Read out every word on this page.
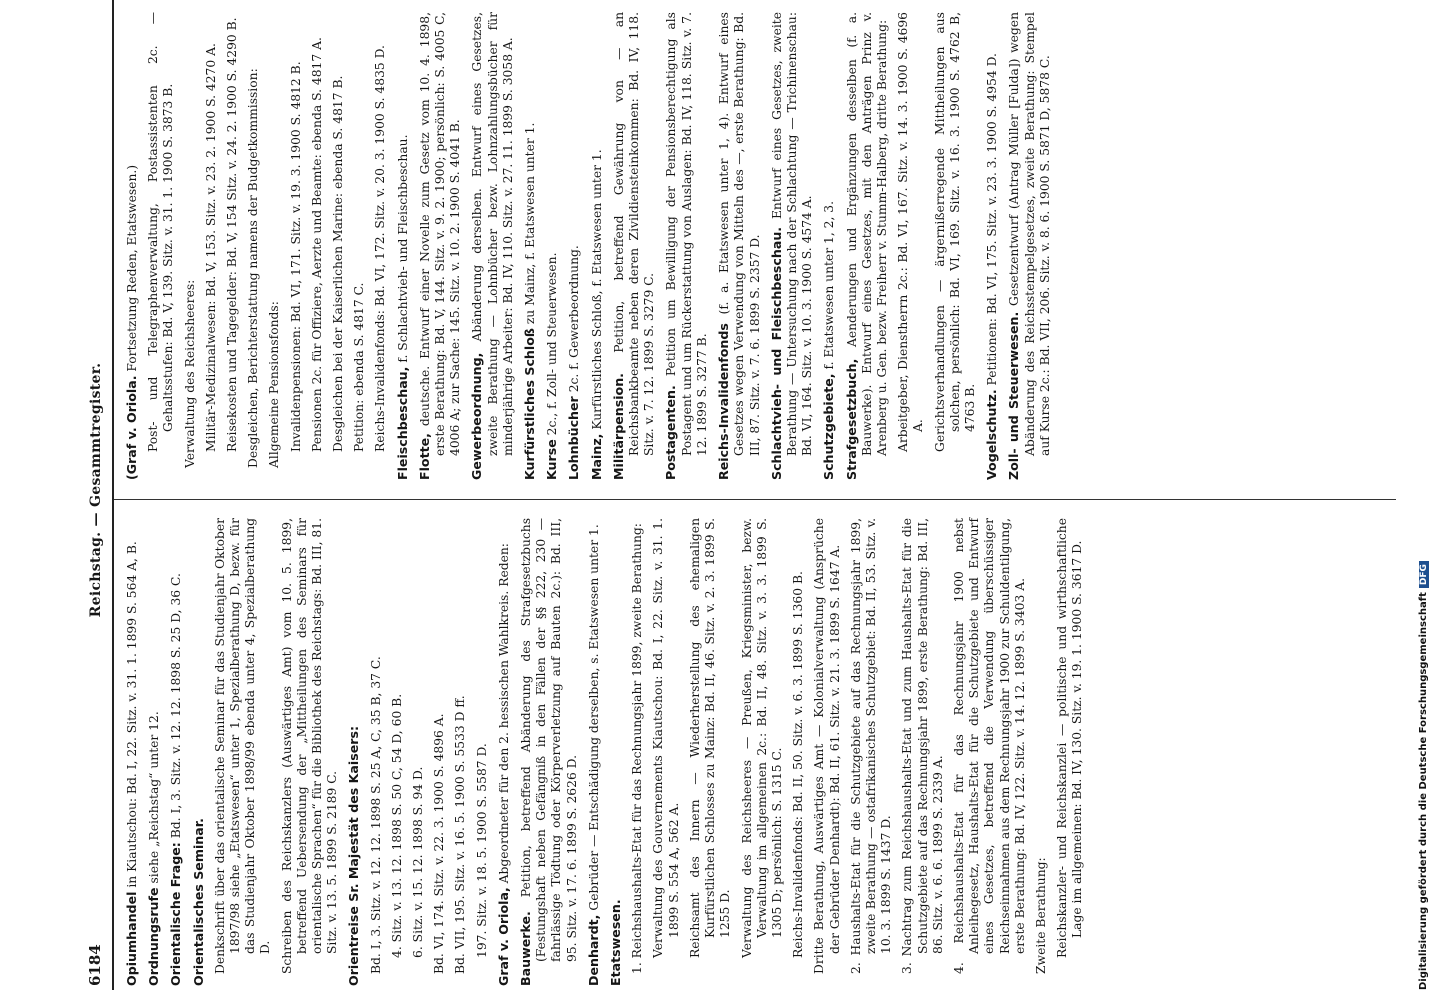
6184
Reichstag. — Gesammtregister.
Opiumhandel in Kiautschou: Bd. I, 22. Sitz. v. 31. 1. 1899 S. 564 A, B.
Ordnungsrufe siehe „Reichstag“ unter 12.
Orientalische Frage: Bd. I, 3. Sitz. v. 12. 12. 1898 S. 25 D, 36 C.
Orientalisches Seminar. Denkschrift über das orientalische Seminar für das Studienjahr Oktober 1897/98 siehe „Etatswesen“ unter 1, Spezialberathung D, bezw. für das Studienjahr Oktober 1898/99 ebenda unter 4, Spezialberathung D. Schreiben des Reichskanzlers (Auswärtiges Amt) vom 10. 5. 1899, betreffend Uebersendung der „Mittheilungen des Seminars für orientalische Sprachen“ für die Bibliothek des Reichstags: Bd. III, 81. Sitz. v. 13. 5. 1899 S. 2189 C. Orientreise Sr. Majestät des Kaisers: Bd. I, 3. Sitz. v. 12. 12. 1898 S. 25 A, C, 35 B, 37 C. 4. Sitz. v. 13. 12. 1898 S. 50 C, 54 D, 60 B. 6. Sitz. v. 15. 12. 1898 S. 94 D. Bd. VI, 174. Sitz. v. 22. 3. 1900 S. 4896 A. Bd. VII, 195. Sitz. v. 16. 5. 1900 S. 5533 D ff. 197. Sitz. v. 18. 5. 1900 S. 5587 D. Graf v. Oriola, Abgeordneter für den 2. hessischen Wahlkreis. Reden:
Bauwerke. Petition, betreffend Abänderung des Strafgesetzbuchs (Festungshaft neben Gefängniß in den Fällen der §§ 222, 230 — fahrlässige Tödtung oder Körperverletzung auf Bauten 2c.): Bd. III, 95. Sitz. v. 17. 6. 1899 S. 2626 D. Denhardt, Gebrüder — Entschädigung derselben, s. Etatswesen unter 1.
Etatswesen. 1. Reichshaushalts-Etat für das Rechnungsjahr 1899, zweite Berathung: Verwaltung des Gouvernements Kiautschou: Bd. I, 22. Sitz. v. 31. 1. 1899 S. 554 A, 562 A. Reichsamt des Innern — Wiederherstellung des ehemaligen Kurfürstlichen Schlosses zu Mainz: Bd. II, 46. Sitz. v. 2. 3. 1899 S. 1255 D. Verwaltung des Reichsheeres — Preußen, Kriegsminister, bezw. Verwaltung im allgemeinen 2c.: Bd. II, 48. Sitz. v. 3. 3. 1899 S. 1305 D; persönlich: S. 1315 C. Reichs-Invalidenfonds: Bd. II, 50. Sitz. v. 6. 3. 1899 S. 1360 B. Dritte Berathung, Auswärtiges Amt — Kolonialverwaltung (Ansprüche der Gebrüder Denhardt): Bd. II, 61. Sitz. v. 21. 3. 1899 S. 1647 A. 2. Haushalts-Etat für die Schutzgebiete auf das Rechnungsjahr 1899, zweite Berathung — ostafrikanisches Schutzgebiet: Bd. II, 53. Sitz. v. 10. 3. 1899 S. 1437 D. 3. Nachtrag zum Reichshaushalts-Etat und zum Haushalts-Etat für die Schutzgebiete auf das Rechnungsjahr 1899, erste Berathung: Bd. III, 86. Sitz. v. 6. 6. 1899 S. 2339 A. 4. Reichshaushalts-Etat für das Rechnungsjahr 1900 nebst Anleihegesetz, Haushalts-Etat für die Schutzgebiete und Entwurf eines Gesetzes, betreffend die Verwendung überschüssiger Reichseinnahmen aus dem Rechnungsjahr 1900 zur Schuldentilgung, erste Berathung: Bd. IV, 122. Sitz. v. 14. 12. 1899 S. 3403 A. Zweite Berathung: Reichskanzler- und Reichskanzlei — politische und wirthschaftliche Lage im allgemeinen: Bd. IV, 130. Sitz. v. 19. 1. 1900 S. 3617 D.
(Graf v. Oriola. Fortsetzung Reden, Etatswesen.) Post- und Telegraphenverwaltung, Postassistenten 2c. — Gehaltsstufen: Bd. V, 139. Sitz. v. 31. 1. 1900 S. 3873 B. Verwaltung des Reichsheeres: Militär-Medizinalwesen: Bd. V, 153. Sitz. v. 23. 2. 1900 S. 4270 A. Reisekosten und Tagegelder: Bd. V, 154 Sitz. v. 24. 2. 1900 S. 4290 B. Desgleichen, Berichterstattung namens der Budgetkommission: Allgemeine Pensionsfonds: Invalidenpensionen: Bd. VI, 171. Sitz. v. 19. 3. 1900 S. 4812 B. Pensionen 2c. für Offiziere, Aerzte und Beamte: ebenda S. 4817 A. Desgleichen bei der Kaiserlichen Marine: ebenda S. 4817 B. Petition: ebenda S. 4817 C. Reichs-Invalidenfonds: Bd. VI, 172. Sitz. v. 20. 3. 1900 S. 4835 D. Fleischbeschau, f. Schlachtvieh- und Fleischbeschau.
Flotte, deutsche. Entwurf einer Novelle zum Gesetz vom 10. 4. 1898, erste Berathung: Bd. V, 144. Sitz. v. 9. 2. 1900; persönlich: S. 4005 C, 4006 A; zur Sache: 145. Sitz. v. 10. 2. 1900 S. 4041 B. Gewerbeordnung, Abänderung derselben. Entwurf eines Gesetzes, zweite Berathung — Lohnbücher bezw. Lohnzahlungsbücher für minderjährige Arbeiter: Bd. IV, 110. Sitz. v. 27. 11. 1899 S. 3058 A. Kurfürstliches Schloß zu Mainz, f. Etatswesen unter 1.
Kurse 2c., f. Zoll- und Steuerwesen. Lohnbücher 2c. f. Gewerbeordnung.
Mainz, Kurfürstliches Schloß, f. Etatswesen unter 1. Militärpension. Petition, betreffend Gewährung von — an Reichsbankbeamte neben deren Zivildiensteinkommen: Bd. IV, 118. Sitz. v. 7. 12. 1899 S. 3279 C. Postagenten. Petition um Bewilligung der Pensionsberechtigung als Postagent und um Rückerstattung von Auslagen: Bd. IV, 118. Sitz. v. 7. 12. 1899 S. 3277 B. Reichs-Invalidenfonds (f. a. Etatswesen unter 1, 4). Entwurf eines Gesetzes wegen Verwendung von Mitteln des —, erste Berathung: Bd. III, 87. Sitz. v. 7. 6. 1899 S. 2357 D. Schlachtvieh- und Fleischbeschau. Entwurf eines Gesetzes, zweite Berathung — Untersuchung nach der Schlachtung — Trichinenschau: Bd. VI, 164. Sitz. v. 10. 3. 1900 S. 4574 A. Schutzgebiete, f. Etatswesen unter 1, 2, 3.
Strafgesetzbuch, Aenderungen und Ergänzungen desselben (f. a. Bauwerke). Entwurf eines Gesetzes, mit den Anträgen Prinz v. Arenberg u. Gen. bezw. Freiherr v. Stumm-Halberg, dritte Berathung: Arbeitgeber, Dienstherrn 2c.: Bd. VI, 167. Sitz. v. 14. 3. 1900 S. 4696 A. Gerichtsverhandlungen — ärgernißerregende Mittheilungen aus solchen, persönlich: Bd. VI, 169. Sitz. v. 16. 3. 1900 S. 4762 B, 4763 B. Vogelschutz. Petitionen: Bd. VI, 175. Sitz. v. 23. 3. 1900 S. 4954 D.
Zoll- und Steuerwesen. Gesetzentwurf (Antrag Müller [Fulda]) wegen Abänderung des Reichsstempelgesetzes, zweite Berathung: Stempel auf Kurse 2c.: Bd. VII, 206. Sitz. v. 8. 6. 1900 S. 5871 D, 5878 C.
Digitalisierung gefördert durch die Deutsche ForschungsgemeinschaftDFG
